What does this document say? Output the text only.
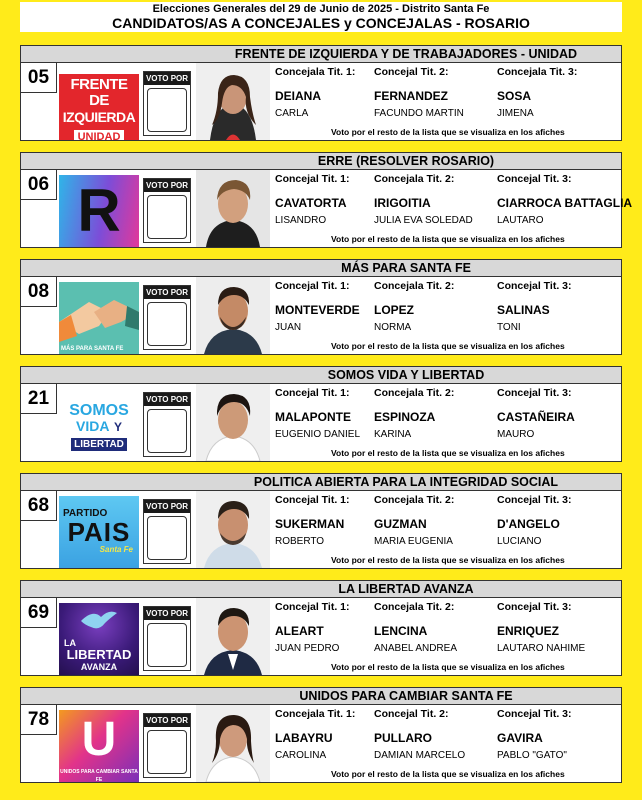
Elecciones Generales del 29 de Junio de 2025 - Distrito Santa Fe
CANDIDATOS/AS A CONCEJALES y CONCEJALAS - ROSARIO
FRENTE DE IZQUIERDA Y DE TRABAJADORES - UNIDAD
05	FRENTE DE
IZQUIERDA
UNIDAD
VOTO POR
Concejala Tit. 1:
DEIANA
CARLA
Concejal Tit. 2:
FERNANDEZ
FACUNDO MARTIN
Concejala Tit. 3:
SOSA
JIMENA
Voto por el resto de la lista que se visualiza en los afiches
ERRE (RESOLVER ROSARIO)
06 R	VOTO POR
Concejal Tit. 1:
CAVATORTA
LISANDRO
Concejala Tit. 2:
IRIGOITIA
JULIA EVA SOLEDAD
Concejal Tit. 3:
CIARROCA BATTAGLIA
LAUTARO
Voto por el resto de la lista que se visualiza en los afiches
MÁS PARA SANTA FE
08
MÁS PARA SANTA FE
VOTO POR
Concejal Tit. 1:
MONTEVERDE
JUAN
Concejala Tit. 2:
LOPEZ
NORMA
Concejal Tit. 3:
SALINAS
TONI
Voto por el resto de la lista que se visualiza en los afiches
SOMOS VIDA Y LIBERTAD
21
SOMOS
VIDA Y
LIBERTAD
VOTO POR
Concejal Tit. 1:
MALAPONTE
EUGENIO DANIEL
Concejala Tit. 2:
ESPINOZA
KARINA
Concejal Tit. 3:
CASTAÑEIRA
MAURO
Voto por el resto de la lista que se visualiza en los afiches
POLITICA ABIERTA PARA LA INTEGRIDAD SOCIAL
68	PARTIDO
PAIS
Santa Fe
VOTO POR
Concejal Tit. 1:
SUKERMAN
ROBERTO
Concejala Tit. 2:
GUZMAN
MARIA EUGENIA
Concejal Tit. 3:
D'ANGELO
LUCIANO
Voto por el resto de la lista que se visualiza en los afiches
LA LIBERTAD AVANZA
69
LA
LIBERTAD
AVANZA
VOTO POR
Concejal Tit. 1:
ALEART
JUAN PEDRO
Concejala Tit. 2:
LENCINA
ANABEL ANDREA
Concejal Tit. 3:
ENRIQUEZ
LAUTARO NAHIME
Voto por el resto de la lista que se visualiza en los afiches
UNIDOS PARA CAMBIAR SANTA FE
78 U
UNIDOS PARA CAMBIAR SANTA FE
VOTO POR
Concejala Tit. 1:
LABAYRU
CAROLINA
Concejal Tit. 2:
PULLARO
DAMIAN MARCELO
Concejal Tit. 3:
GAVIRA
PABLO "GATO"
Voto por el resto de la lista que se visualiza en los afiches
